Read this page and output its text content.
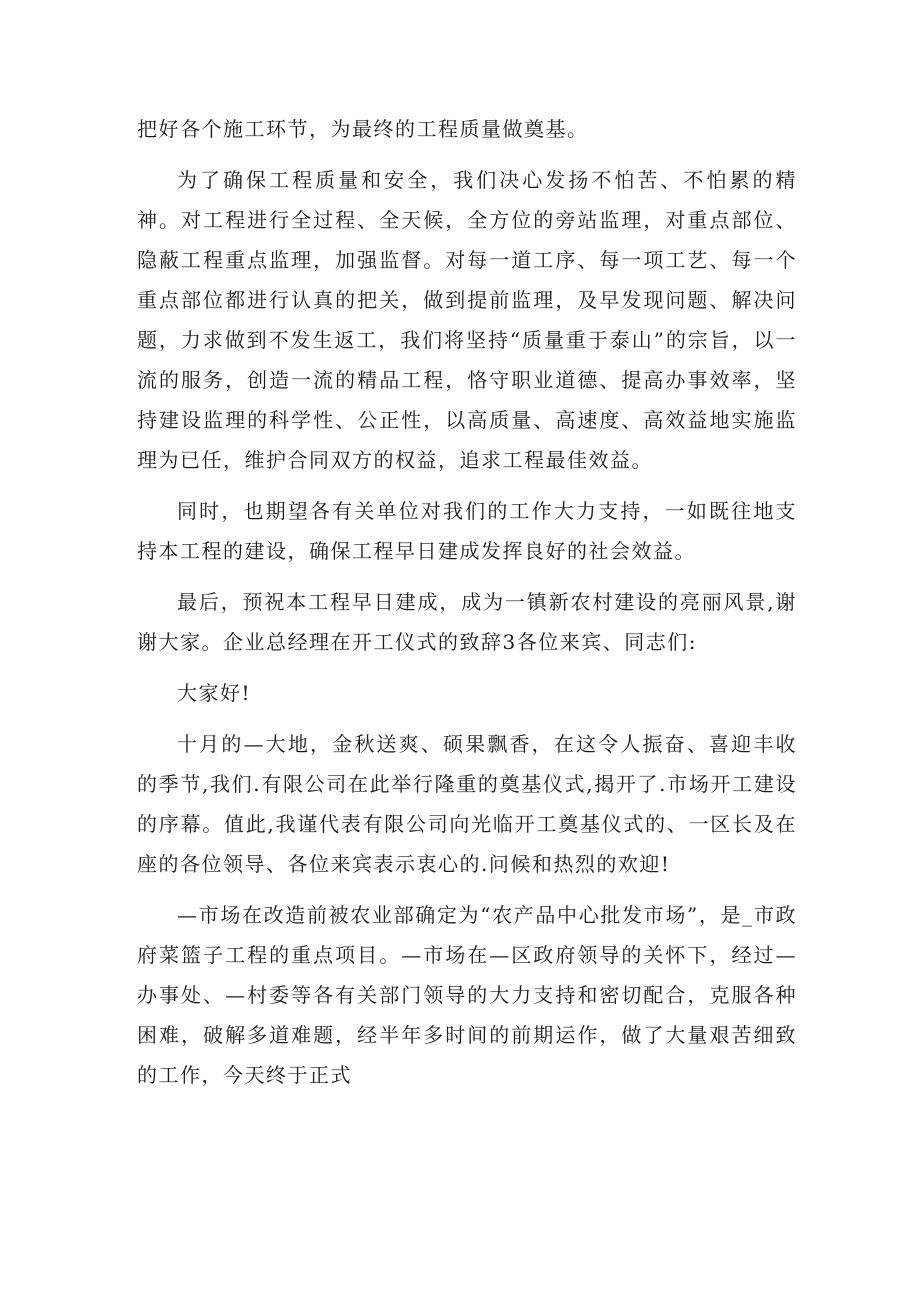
把好各个施工环节，为最终的工程质量做奠基。

为了确保工程质量和安全，我们决心发扬不怕苦、不怕累的精神。对工程进行全过程、全天候，全方位的旁站监理，对重点部位、隐蔽工程重点监理，加强监督。对每一道工序、每一项工艺、每一个重点部位都进行认真的把关，做到提前监理，及早发现问题、解决问题，力求做到不发生返工，我们将坚持“质量重于泰山”的宗旨，以一流的服务，创造一流的精品工程，恪守职业道德、提高办事效率，坚持建设监理的科学性、公正性，以高质量、高速度、高效益地实施监理为已任，维护合同双方的权益，追求工程最佳效益。

同时，也期望各有关单位对我们的工作大力支持，一如既往地支持本工程的建设，确保工程早日建成发挥良好的社会效益。

最后，预祝本工程早日建成，成为一镇新农村建设的亮丽风景,谢谢大家。企业总经理在开工仪式的致辞3各位来宾、同志们:

大家好!

十月的—大地，金秋送爽、硕果飘香，在这令人振奋、喜迎丰收的季节,我们.有限公司在此举行隆重的奠基仪式,揭开了.市场开工建设的序幕。值此,我谨代表有限公司向光临开工奠基仪式的、一区长及在座的各位领导、各位来宾表示衷心的.问候和热烈的欢迎!

—市场在改造前被农业部确定为“农产品中心批发市场”，是_市政府菜篮子工程的重点项目。—市场在—区政府领导的关怀下，经过—办事处、—村委等各有关部门领导的大力支持和密切配合，克服各种困难，破解多道难题，经半年多时间的前期运作，做了大量艰苦细致的工作，今天终于正式
